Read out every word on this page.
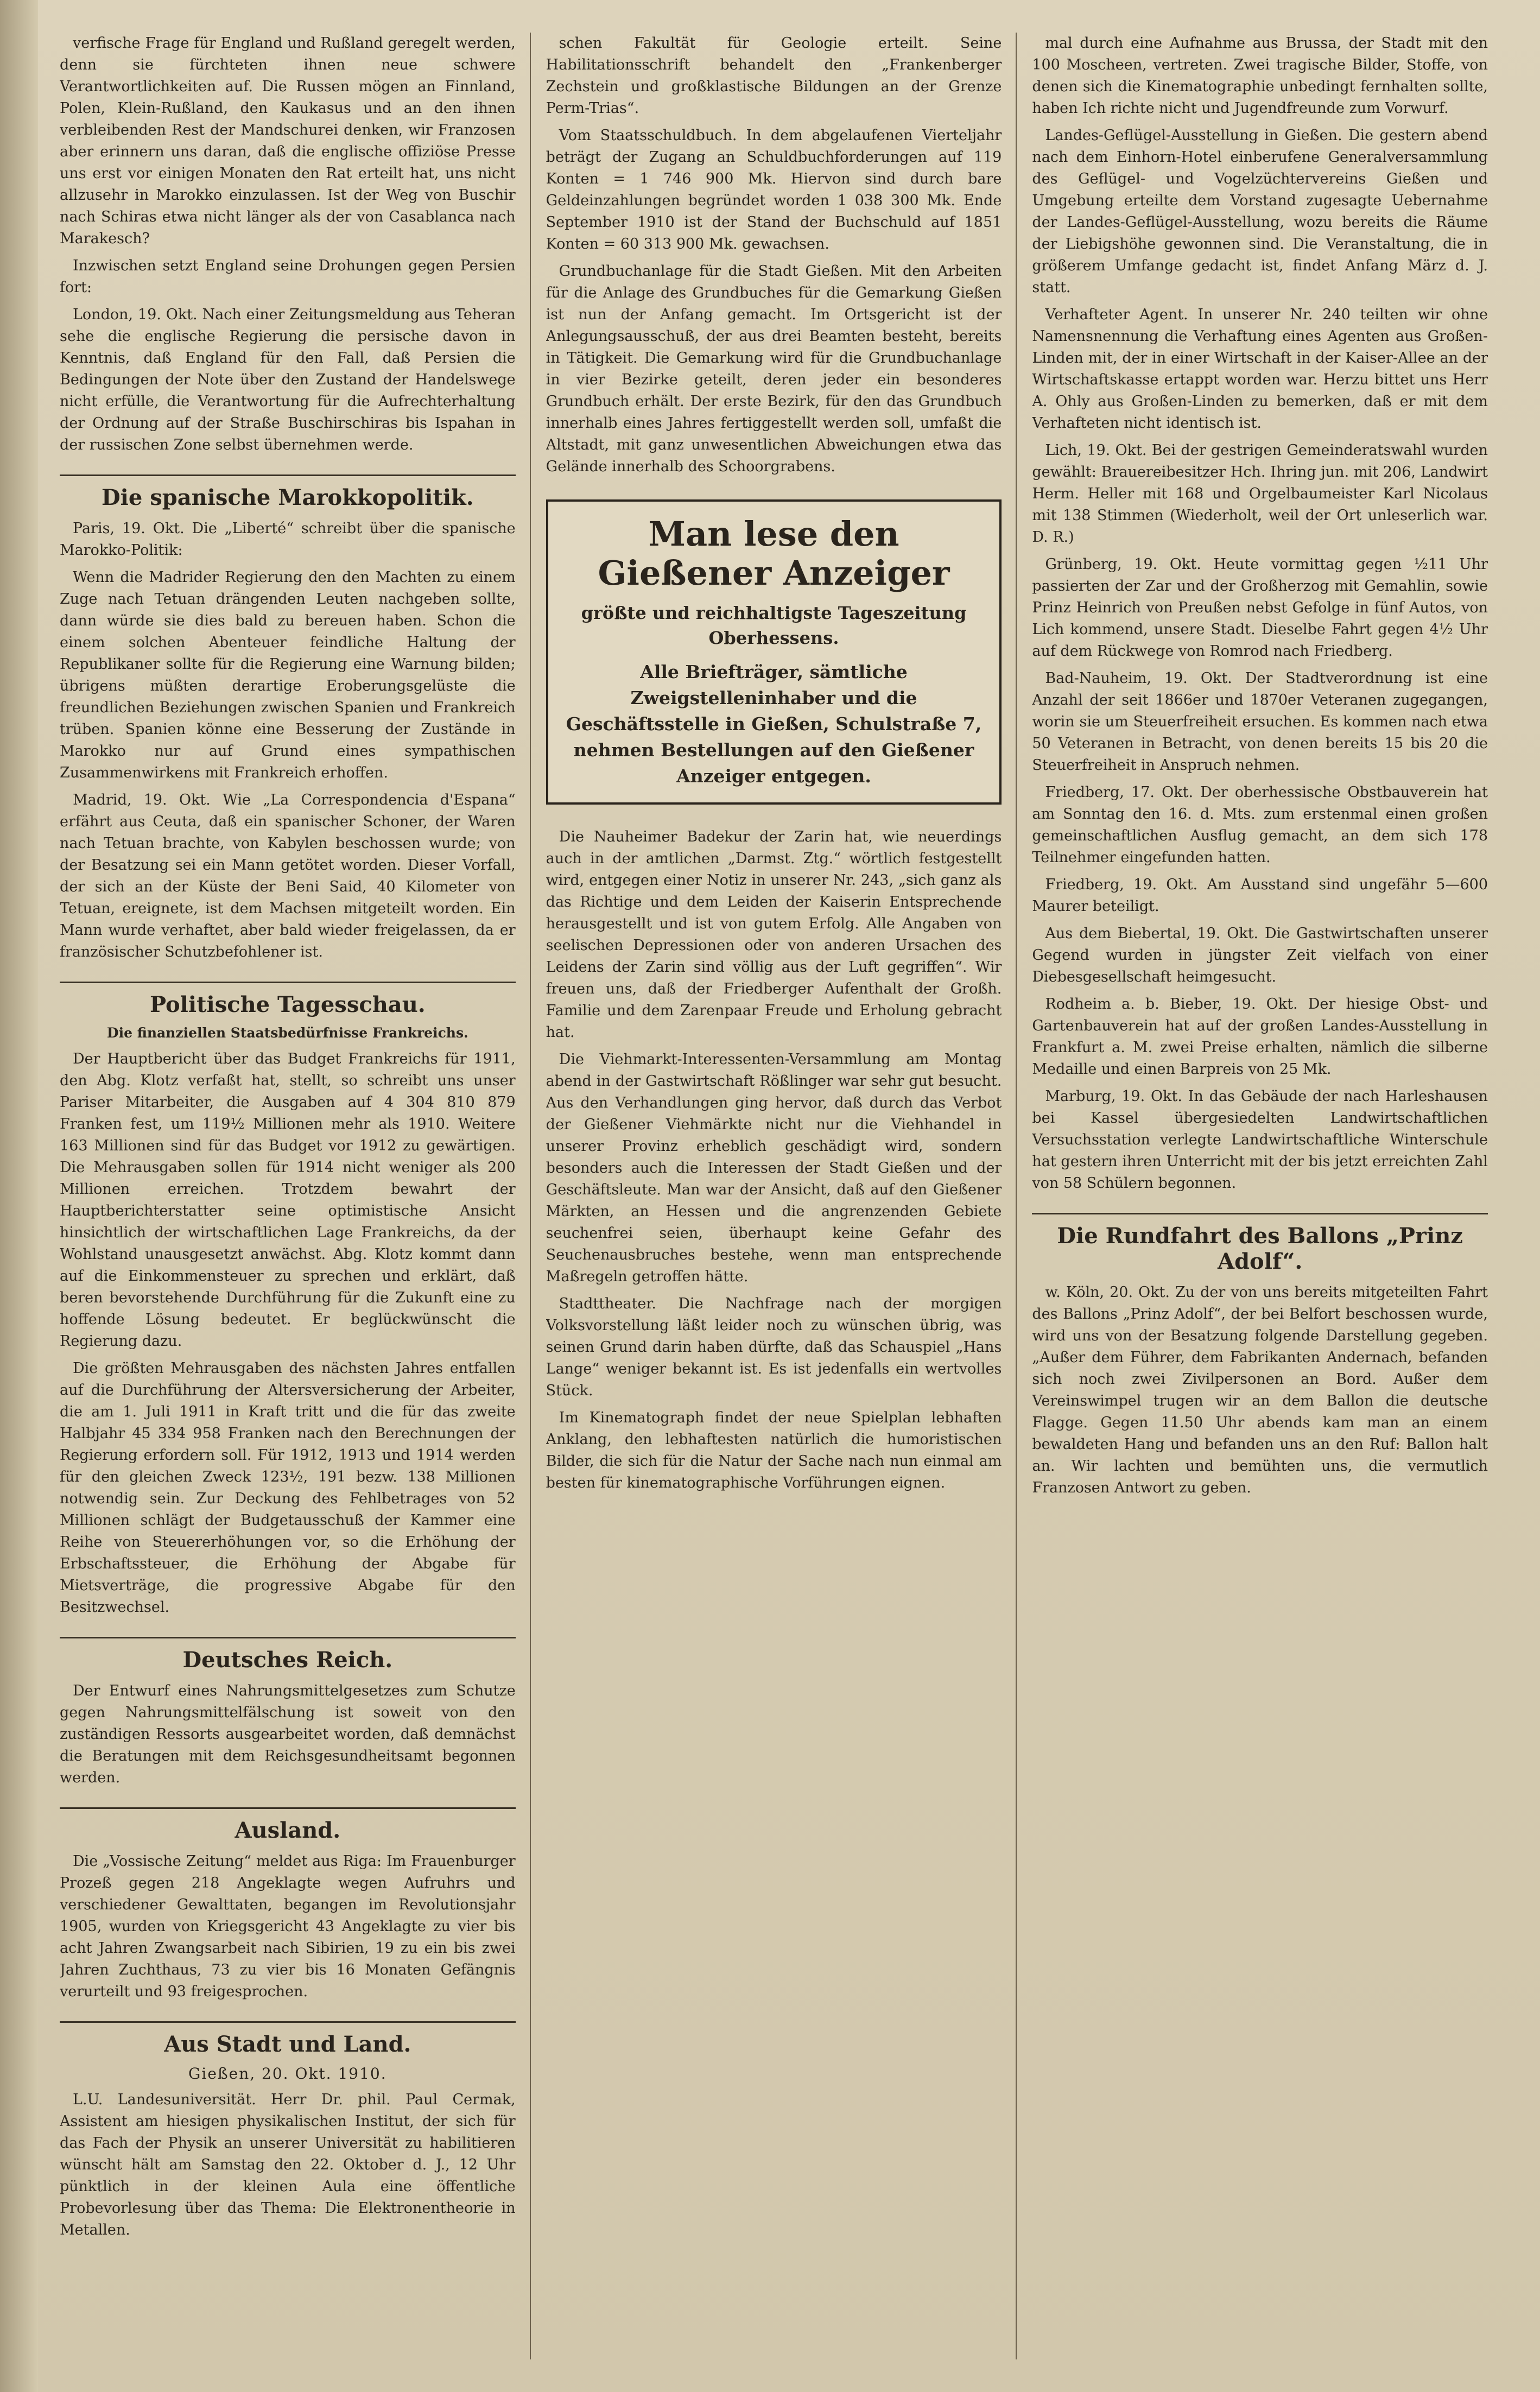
verfische Frage für England und Rußland geregelt werden, denn sie fürchteten ihnen neue schwere Verantwortlichkeiten auf. Die Russen mögen an Finnland, Polen, Klein-Rußland, den Kaukasus und an den ihnen verbleibenden Rest der Mandschurei denken, wir Franzosen aber erinnern uns daran, daß die englische offiziöse Presse uns erst vor einigen Monaten den Rat erteilt hat, uns nicht allzusehr in Marokko einzulassen. Ist der Weg von Buschir nach Schiras etwa nicht länger als der von Casablanca nach Marakesch?

Inzwischen setzt England seine Drohungen gegen Persien fort:

London, 19. Okt. Nach einer Zeitungsmeldung aus Teheran sehe die englische Regierung die persische davon in Kenntnis, daß England für den Fall, daß Persien die Bedingungen der Note über den Zustand der Handelswege nicht erfülle, die Verantwortung für die Aufrechterhaltung der Ordnung auf der Straße Buschirschiras bis Ispahan in der russischen Zone selbst übernehmen werde.

Die spanische Marokkopolitik.

Paris, 19. Okt. Die „Liberté“ schreibt über die spanische Marokko-Politik:

Wenn die Madrider Regierung den den Machten zu einem Zuge nach Tetuan drängenden Leuten nachgeben sollte, dann würde sie dies bald zu bereuen haben. Schon die einem solchen Abenteuer feindliche Haltung der Republikaner sollte für die Regierung eine Warnung bilden; übrigens müßten derartige Eroberungsgelüste die freundlichen Beziehungen zwischen Spanien und Frankreich trüben. Spanien könne eine Besserung der Zustände in Marokko nur auf Grund eines sympathischen Zusammenwirkens mit Frankreich erhoffen.

Madrid, 19. Okt. Wie „La Correspondencia d'Espana“ erfährt aus Ceuta, daß ein spanischer Schoner, der Waren nach Tetuan brachte, von Kabylen beschossen wurde; von der Besatzung sei ein Mann getötet worden. Dieser Vorfall, der sich an der Küste der Beni Said, 40 Kilometer von Tetuan, ereignete, ist dem Machsen mitgeteilt worden. Ein Mann wurde verhaftet, aber bald wieder freigelassen, da er französischer Schutzbefohlener ist.

Politische Tagesschau.
Die finanziellen Staatsbedürfnisse Frankreichs.

Der Hauptbericht über das Budget Frankreichs für 1911, den Abg. Klotz verfaßt hat, stellt, so schreibt uns unser Pariser Mitarbeiter, die Ausgaben auf 4 304 810 879 Franken fest, um 119½ Millionen mehr als 1910. Weitere 163 Millionen sind für das Budget vor 1912 zu gewärtigen. Die Mehrausgaben sollen für 1914 nicht weniger als 200 Millionen erreichen. Trotzdem bewahrt der Hauptberichterstatter seine optimistische Ansicht hinsichtlich der wirtschaftlichen Lage Frankreichs, da der Wohlstand unausgesetzt anwächst. Abg. Klotz kommt dann auf die Einkommensteuer zu sprechen und erklärt, daß beren bevorstehende Durchführung für die Zukunft eine zu hoffende Lösung bedeutet. Er beglückwünscht die Regierung dazu.

Die größten Mehrausgaben des nächsten Jahres entfallen auf die Durchführung der Altersversicherung der Arbeiter, die am 1. Juli 1911 in Kraft tritt und die für das zweite Halbjahr 45 334 958 Franken nach den Berechnungen der Regierung erfordern soll. Für 1912, 1913 und 1914 werden für den gleichen Zweck 123½, 191 bezw. 138 Millionen notwendig sein. Zur Deckung des Fehlbetrages von 52 Millionen schlägt der Budgetausschuß der Kammer eine Reihe von Steuererhöhungen vor, so die Erhöhung der Erbschaftssteuer, die Erhöhung der Abgabe für Mietsverträge, die progressive Abgabe für den Besitzwechsel.

Deutsches Reich.

Der Entwurf eines Nahrungsmittelgesetzes zum Schutze gegen Nahrungsmittelfälschung ist soweit von den zuständigen Ressorts ausgearbeitet worden, daß demnächst die Beratungen mit dem Reichsgesundheitsamt begonnen werden.

Ausland.

Die „Vossische Zeitung“ meldet aus Riga: Im Frauenburger Prozeß gegen 218 Angeklagte wegen Aufruhrs und verschiedener Gewalttaten, begangen im Revolutionsjahr 1905, wurden von Kriegsgericht 43 Angeklagte zu vier bis acht Jahren Zwangsarbeit nach Sibirien, 19 zu ein bis zwei Jahren Zuchthaus, 73 zu vier bis 16 Monaten Gefängnis verurteilt und 93 freigesprochen.

Aus Stadt und Land.
Gießen, 20. Okt. 1910.

L.U. Landesuniversität. Herr Dr. phil. Paul Cermak, Assistent am hiesigen physikalischen Institut, der sich für das Fach der Physik an unserer Universität zu habilitieren wünscht hält am Samstag den 22. Oktober d. J., 12 Uhr pünktlich in der kleinen Aula eine öffentliche Probevorlesung über das Thema: Die Elektronentheorie in Metallen.

schen Fakultät für Geologie erteilt. Seine Habilitationsschrift behandelt den „Frankenberger Zechstein und großklastische Bildungen an der Grenze Perm-Trias“.

Vom Staatsschuldbuch. In dem abgelaufenen Vierteljahr beträgt der Zugang an Schuldbuchforderungen auf 119 Konten = 1 746 900 Mk. Hiervon sind durch bare Geldeinzahlungen begründet worden 1 038 300 Mk. Ende September 1910 ist der Stand der Buchschuld auf 1851 Konten = 60 313 900 Mk. gewachsen.

Grundbuchanlage für die Stadt Gießen. Mit den Arbeiten für die Anlage des Grundbuches für die Gemarkung Gießen ist nun der Anfang gemacht. Im Ortsgericht ist der Anlegungsausschuß, der aus drei Beamten besteht, bereits in Tätigkeit. Die Gemarkung wird für die Grundbuchanlage in vier Bezirke geteilt, deren jeder ein besonderes Grundbuch erhält. Der erste Bezirk, für den das Grundbuch innerhalb eines Jahres fertiggestellt werden soll, umfaßt die Altstadt, mit ganz unwesentlichen Abweichungen etwa das Gelände innerhalb des Schoorgrabens.

Man lese den Gießener Anzeiger
größte und reichhaltigste Tageszeitung Oberhessens.
Alle Briefträger, sämtliche Zweigstelleninhaber und die Geschäftsstelle in Gießen, Schulstraße 7, nehmen Bestellungen auf den Gießener Anzeiger entgegen.

Die Nauheimer Badekur der Zarin hat, wie neuerdings auch in der amtlichen „Darmst. Ztg.“ wörtlich festgestellt wird, entgegen einer Notiz in unserer Nr. 243, „sich ganz als das Richtige und dem Leiden der Kaiserin Entsprechende herausgestellt und ist von gutem Erfolg. Alle Angaben von seelischen Depressionen oder von anderen Ursachen des Leidens der Zarin sind völlig aus der Luft gegriffen“. Wir freuen uns, daß der Friedberger Aufenthalt der Großh. Familie und dem Zarenpaar Freude und Erholung gebracht hat.

Die Viehmarkt-Interessenten-Versammlung am Montag abend in der Gastwirtschaft Rößlinger war sehr gut besucht. Aus den Verhandlungen ging hervor, daß durch das Verbot der Gießener Viehmärkte nicht nur die Viehhandel in unserer Provinz erheblich geschädigt wird, sondern besonders auch die Interessen der Stadt Gießen und der Geschäftsleute. Man war der Ansicht, daß auf den Gießener Märkten, an Hessen und die angrenzenden Gebiete seuchenfrei seien, überhaupt keine Gefahr des Seuchenausbruches bestehe, wenn man entsprechende Maßregeln getroffen hätte.

Stadttheater. Die Nachfrage nach der morgigen Volksvorstellung läßt leider noch zu wünschen übrig, was seinen Grund darin haben dürfte, daß das Schauspiel „Hans Lange“ weniger bekannt ist. Es ist jedenfalls ein wertvolles Stück.

Im Kinematograph findet der neue Spielplan lebhaften Anklang, den lebhaftesten natürlich die humoristischen Bilder, die sich für die Natur der Sache nach nun einmal am besten für kinematographische Vorführungen eignen.

mal durch eine Aufnahme aus Brussa, der Stadt mit den 100 Moscheen, vertreten. Zwei tragische Bilder, Stoffe, von denen sich die Kinematographie unbedingt fernhalten sollte, haben Ich richte nicht und Jugendfreunde zum Vorwurf.

Landes-Geflügel-Ausstellung in Gießen. Die gestern abend nach dem Einhorn-Hotel einberufene Generalversammlung des Geflügel- und Vogelzüchtervereins Gießen und Umgebung erteilte dem Vorstand zugesagte Uebernahme der Landes-Geflügel-Ausstellung, wozu bereits die Räume der Liebigshöhe gewonnen sind. Die Veranstaltung, die in größerem Umfange gedacht ist, findet Anfang März d. J. statt.

Verhafteter Agent. In unserer Nr. 240 teilten wir ohne Namensnennung die Verhaftung eines Agenten aus Großen-Linden mit, der in einer Wirtschaft in der Kaiser-Allee an der Wirtschaftskasse ertappt worden war. Herzu bittet uns Herr A. Ohly aus Großen-Linden zu bemerken, daß er mit dem Verhafteten nicht identisch ist.

Lich, 19. Okt. Bei der gestrigen Gemeinderatswahl wurden gewählt: Brauereibesitzer Hch. Ihring jun. mit 206, Landwirt Herm. Heller mit 168 und Orgelbaumeister Karl Nicolaus mit 138 Stimmen (Wiederholt, weil der Ort unleserlich war. D. R.)

Grünberg, 19. Okt. Heute vormittag gegen ½11 Uhr passierten der Zar und der Großherzog mit Gemahlin, sowie Prinz Heinrich von Preußen nebst Gefolge in fünf Autos, von Lich kommend, unsere Stadt. Dieselbe Fahrt gegen 4½ Uhr auf dem Rückwege von Romrod nach Friedberg.

Bad-Nauheim, 19. Okt. Der Stadtverordnung ist eine Anzahl der seit 1866er und 1870er Veteranen zugegangen, worin sie um Steuerfreiheit ersuchen. Es kommen nach etwa 50 Veteranen in Betracht, von denen bereits 15 bis 20 die Steuerfreiheit in Anspruch nehmen.

Friedberg, 17. Okt. Der oberhessische Obstbauverein hat am Sonntag den 16. d. Mts. zum erstenmal einen großen gemeinschaftlichen Ausflug gemacht, an dem sich 178 Teilnehmer eingefunden hatten.

Friedberg, 19. Okt. Am Ausstand sind ungefähr 5—600 Maurer beteiligt.

Aus dem Biebertal, 19. Okt. Die Gastwirtschaften unserer Gegend wurden in jüngster Zeit vielfach von einer Diebesgesellschaft heimgesucht.

Rodheim a. b. Bieber, 19. Okt. Der hiesige Obst- und Gartenbauverein hat auf der großen Landes-Ausstellung in Frankfurt a. M. zwei Preise erhalten, nämlich die silberne Medaille und einen Barpreis von 25 Mk.

Marburg, 19. Okt. In das Gebäude der nach Harleshausen bei Kassel übergesiedelten Landwirtschaftlichen Versuchsstation verlegte Landwirtschaftliche Winterschule hat gestern ihren Unterricht mit der bis jetzt erreichten Zahl von 58 Schülern begonnen.

Die Rundfahrt des Ballons „Prinz Adolf“.

w. Köln, 20. Okt. Zu der von uns bereits mitgeteilten Fahrt des Ballons „Prinz Adolf“, der bei Belfort beschossen wurde, wird uns von der Besatzung folgende Darstellung gegeben. „Außer dem Führer, dem Fabrikanten Andernach, befanden sich noch zwei Zivilpersonen an Bord. Außer dem Vereinswimpel trugen wir an dem Ballon die deutsche Flagge. Gegen 11.50 Uhr abends kam man an einem bewaldeten Hang und befanden uns an den Ruf: Ballon halt an. Wir lachten und bemühten uns, die vermutlich Franzosen Antwort zu geben.
